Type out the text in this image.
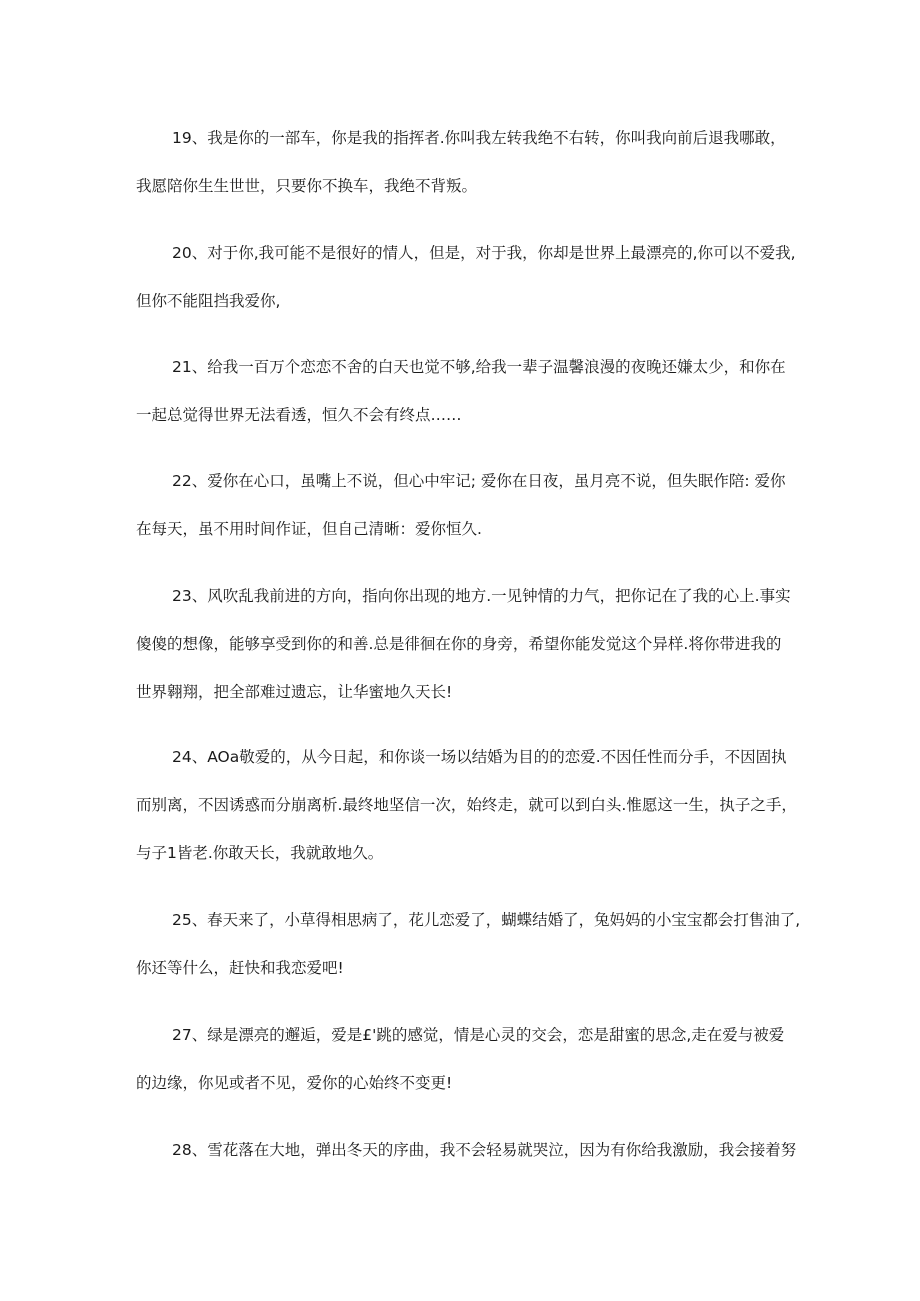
19、我是你的一部车，你是我的指挥者.你叫我左转我绝不右转，你叫我向前后退我哪敢，
我愿陪你生生世世，只要你不换车，我绝不背叛。
20、对于你,我可能不是很好的情人，但是，对于我，你却是世界上最漂亮的,你可以不爱我,
但你不能阻挡我爱你,
21、给我一百万个恋恋不舍的白天也觉不够,给我一辈子温馨浪漫的夜晚还嫌太少，和你在
一起总觉得世界无法看透，恒久不会有终点……
22、爱你在心口，虽嘴上不说，但心中牢记; 爱你在日夜，虽月亮不说，但失眠作陪: 爱你
在每天，虽不用时间作证，但自己清晰：爱你恒久.
23、风吹乱我前进的方向，指向你出现的地方.一见钟情的力气，把你记在了我的心上.事实
傻傻的想像，能够享受到你的和善.总是徘徊在你的身旁，希望你能发觉这个异样.将你带进我的
世界翱翔，把全部难过遗忘，让华蜜地久天长!
24、AOa敬爱的，从今日起，和你谈一场以结婚为目的的恋爱.不因任性而分手，不因固执
而别离，不因诱惑而分崩离析.最终地坚信一次，始终走，就可以到白头.惟愿这一生，执子之手，
与子1皆老.你敢天长，我就敢地久。
25、春天来了，小草得相思病了，花儿恋爱了，蝴蝶结婚了，兔妈妈的小宝宝都会打售油了,
你还等什么，赶快和我恋爱吧!
27、绿是漂亮的邂逅，爱是£'跳的感觉，情是心灵的交会，恋是甜蜜的思念,走在爱与被爱
的边缘，你见或者不见，爱你的心始终不变更!
28、雪花落在大地，弹出冬天的序曲，我不会轻易就哭泣，因为有你给我激励，我会接着努
